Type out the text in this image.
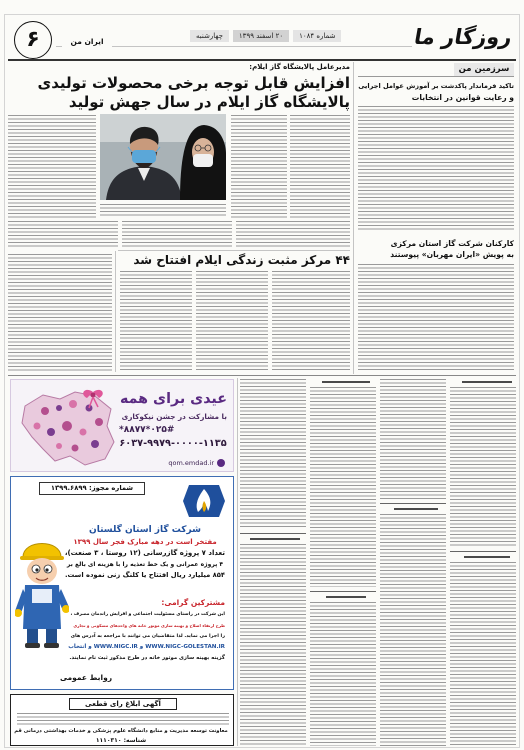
روزگار ما
چهارشنبه	۲۰ اسفند ۱۳۹۹	شماره ۱۰۸۴
ایران من
۶
سرزمین من
تاکید فرماندار پاکدشت بر آموزش عوامل اجرایی
و رعایت قوانین در انتخابات
کارکنان شرکت گاز استان مرکزی
به پویش «ایران مهربان» پیوستند
مدیرعامل پالایشگاه گاز ایلام:
افزایش قابل توجه برخی محصولات تولیدی
پالایشگاه گاز ایلام در سال جهش تولید
۴۴ مرکز مثبت زندگی ایلام افتتاح شد
عیدی برای همه
با مشارکت در جشن نیکوکاری
*۸۸۷۷*۰۲۵#
۶۰۳۷-۹۹۷۹-۰۰۰۰-۱۱۳۵
qom.emdad.ir
شماره مجوز: ۱۳۹۹.۶۸۹۹
شرکت گاز استان گلستان
مفتخر است در دهه مبارک فجر سال ۱۳۹۹
تعداد ۷ پروژه گازرسانی (۱۲ روستا ، ۳ صنعت)،
۴ پروژه عمرانی و یک خط تغذیه را با هزینه ای بالغ بر
۸۵۴ میلیارد ریال افتتاح یا کلنگ زنی نموده است.
مشترکین گرامی:
این شرکت در راستای مسئولیت اجتماعی و افزایش راندمان مصرف ،
طرح ارتقاء اصلاح و بهینه سازی موتور خانه های واحدهای مسکونی و تجاری
را اجرا می نماید. لذا متقاضیان می توانند با مراجعه به آدرس های
WWW.NIGC-GOLESTAN.IR و WWW.NIGC.IR و انتخاب
گزینه بهینه سازی موتور خانه در طرح مذکور ثبت نام نمایند.
روابط عمومی
آگهی ابلاغ رای قطعی
معاونت توسعه مدیریت و منابع دانشگاه علوم پزشکی و خدمات بهداشتی درمانی قم
شناسه: ۱۱۱۰۳۱۰
